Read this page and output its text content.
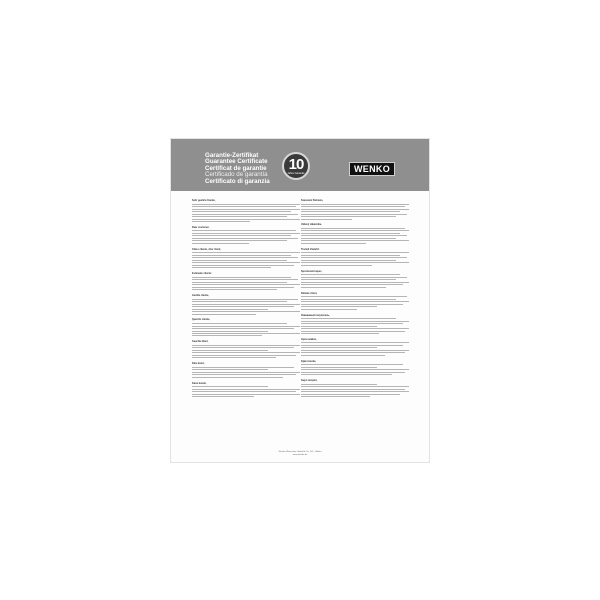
Garantie-Zertifikat
Guarantee Certificate
Certificat de garantie
Certificado de garantía
Certificato di garanzia
10
Jahre Garantie	WENKO
Sehr geehrte Kunde,
Dear customer,
Chère cliente, cher client,
Estimado cliente:
Gentile cliente,
Querido cliente,
Geachte klant,
Käre kund,
Kære kunde,
Szanowni Państwo,
Vážený zákazníku,
Tisztelt Vásárló!
Spoštovani kupec,
Stimate client,
Уважаемый покупатель,
Hyvä asiakas,
Kjære kunde,
Sayın müşteri,
Wenko-Wenselaar GmbH & Co. KG · Hilden
www.wenko.de
